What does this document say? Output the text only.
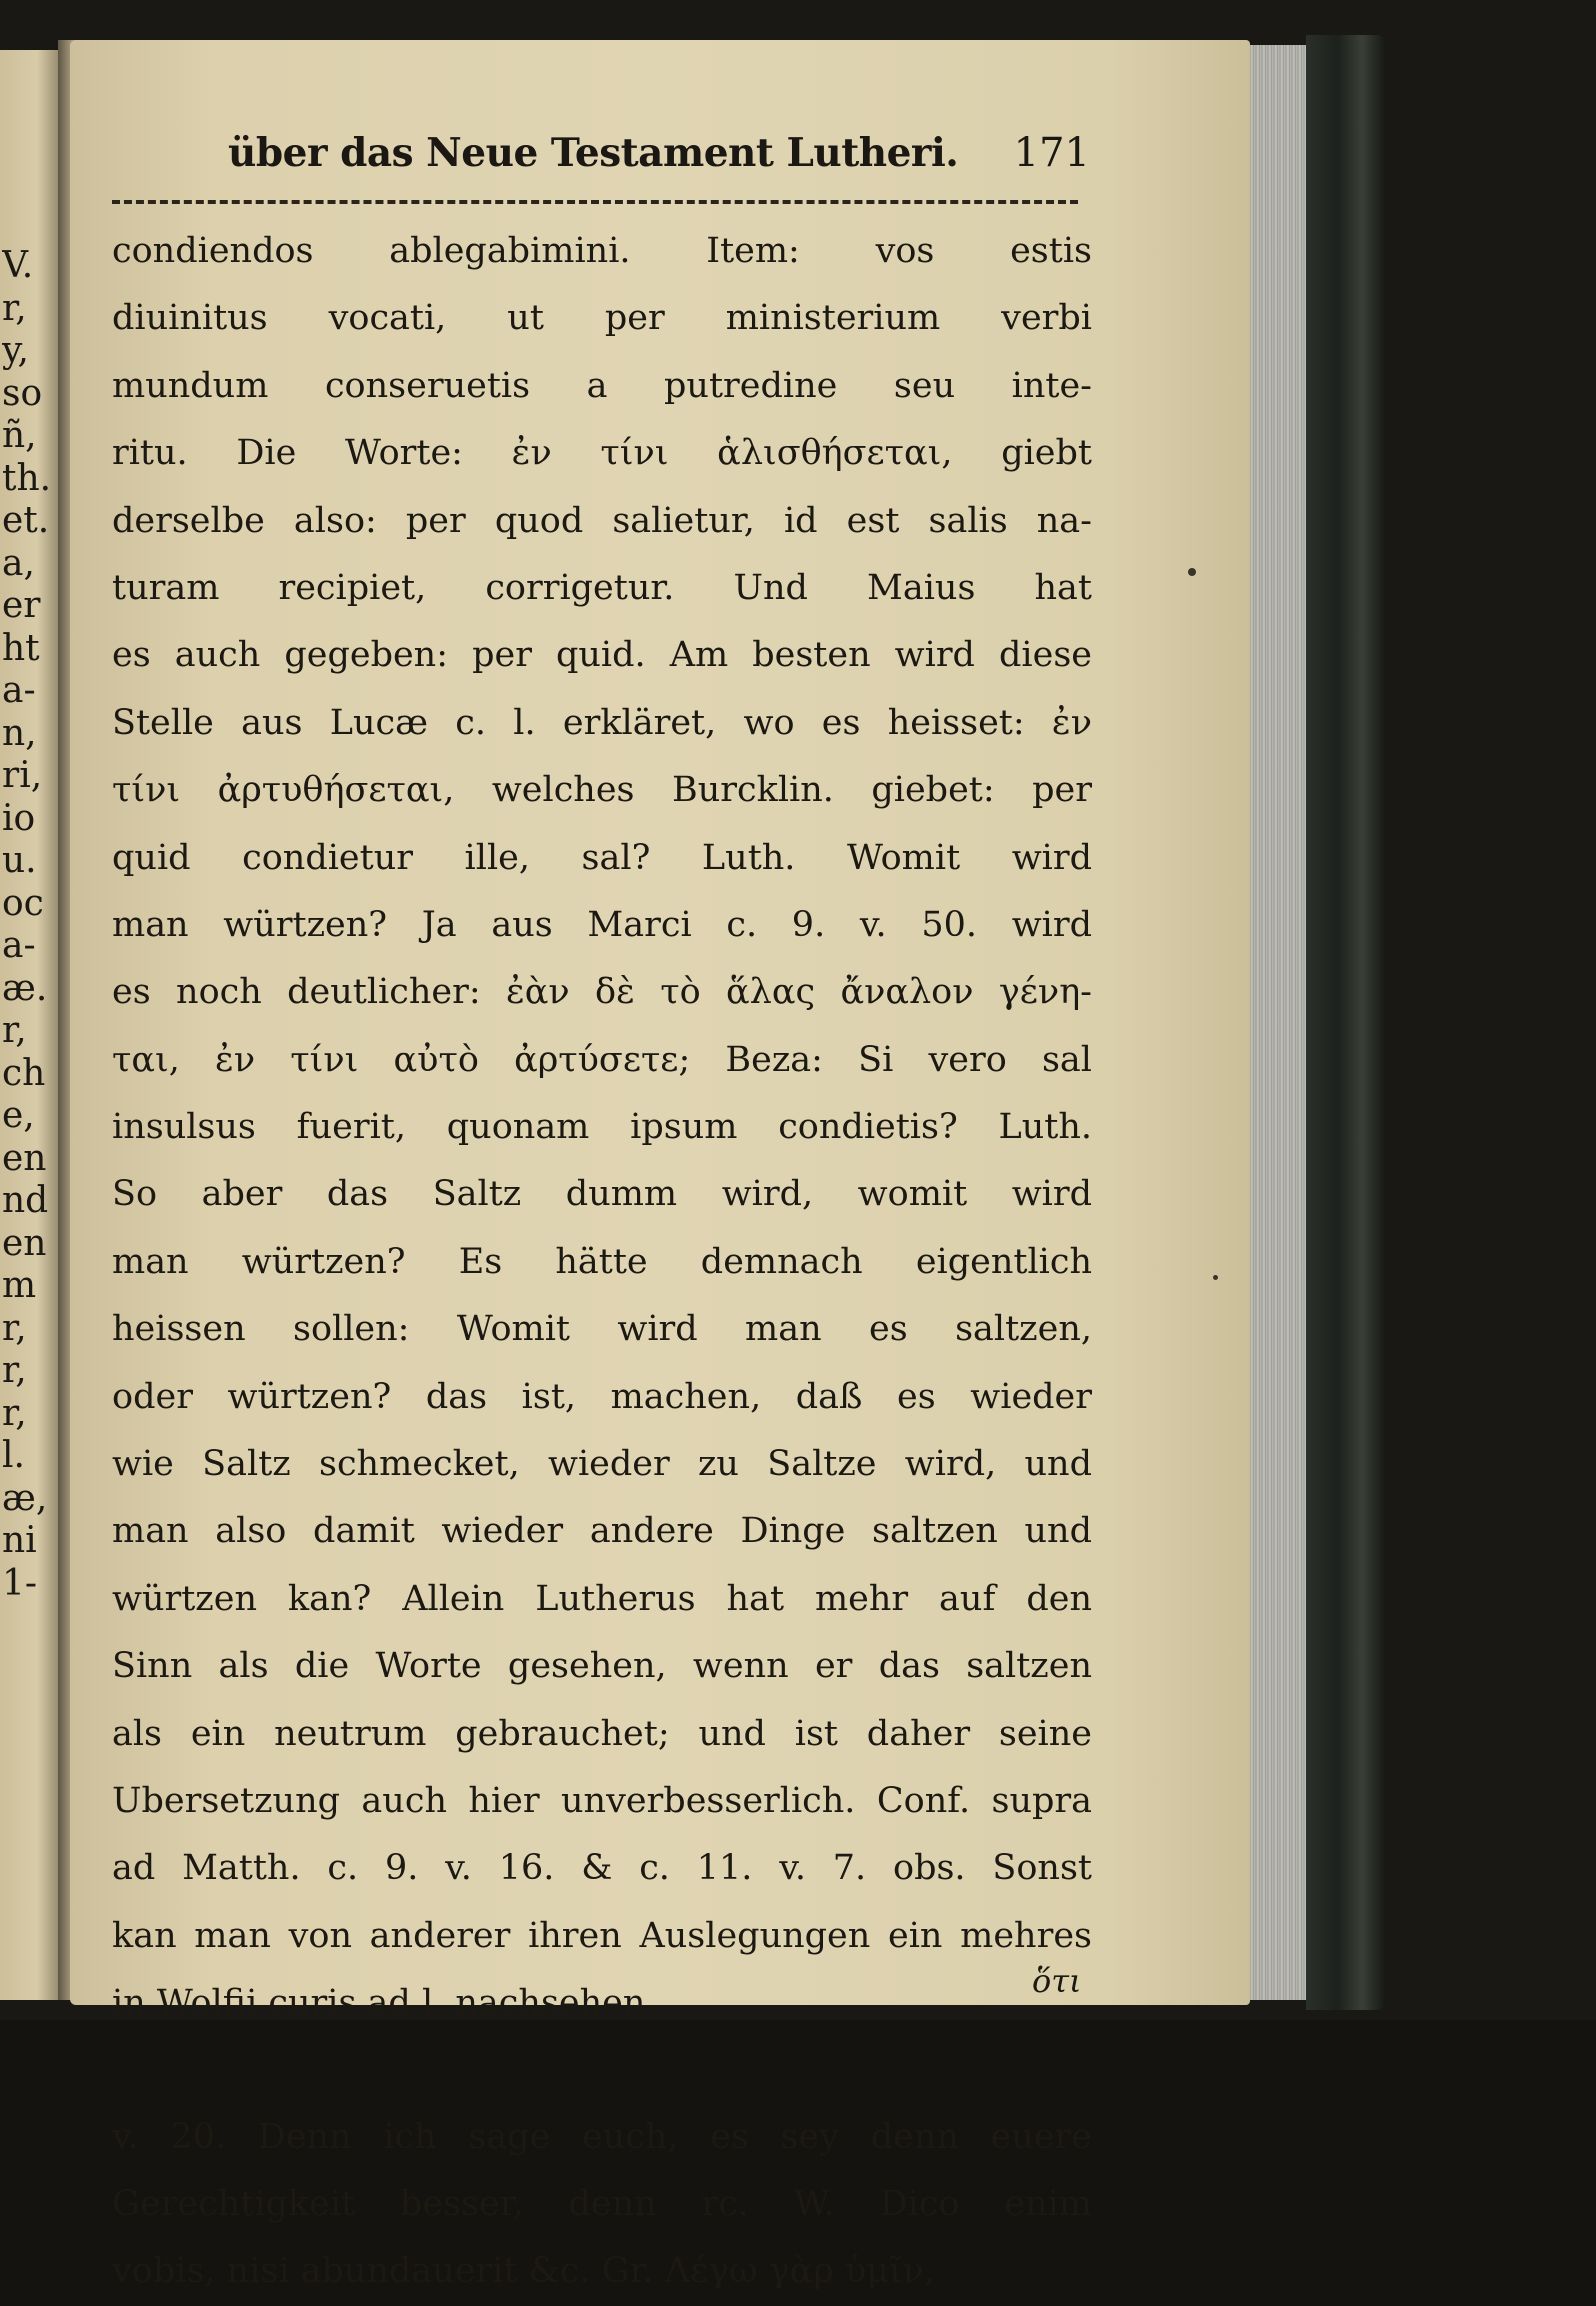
V.
r,
y,
so
ñ,
th.
et.
a,
er
ht
a-
n,
ri,
io
u.
oc
a-
æ.
r,
ch
e,
en
nd
en
m
r,
r,
r,
l.
æ,
ni
1-
über das Neue Testament Lutheri. 171
condiendos ablegabimini. Item: vos estis
diuinitus vocati, ut per ministerium verbi
mundum conseruetis a putredine seu inte-
ritu. Die Worte: ἐν τίνι ἁλισθήσεται, giebt
derselbe also: per quod salietur, id est salis na-
turam recipiet, corrigetur. Und Maius hat
es auch gegeben: per quid. Am besten wird diese
Stelle aus Lucæ c. l. erkläret, wo es heisset: ἐν
τίνι ἀρτυθήσεται, welches Burcklin. giebet: per
quid condietur ille, sal? Luth. Womit wird
man würtzen? Ja aus Marci c. 9. v. 50. wird
es noch deutlicher: ἐὰν δὲ τὸ ἅλας ἄναλον γένη-
ται, ἐν τίνι αὐτὸ ἀρτύσετε; Beza: Si vero sal
insulsus fuerit, quonam ipsum condietis? Luth.
So aber das Saltz dumm wird, womit wird
man würtzen? Es hätte demnach eigentlich
heissen sollen: Womit wird man es saltzen,
oder würtzen? das ist, machen, daß es wieder
wie Saltz schmecket, wieder zu Saltze wird, und
man also damit wieder andere Dinge saltzen und
würtzen kan? Allein Lutherus hat mehr auf den
Sinn als die Worte gesehen, wenn er das saltzen
als ein neutrum gebrauchet; und ist daher seine
Ubersetzung auch hier unverbesserlich. Conf. supra
ad Matth. c. 9. v. 16. & c. 11. v. 7. obs. Sonst
kan man von anderer ihren Auslegungen ein mehres
in Wolfii curis ad l. nachsehen.
v. 20. Denn ich sage euch, es sey denn euere
Gerechtigkeit besser, denn rc. W. Dico enim
vobis, nisi abundauerit &c. Gr. Λέγω γὰρ ὑμῖν,
ὅτι
